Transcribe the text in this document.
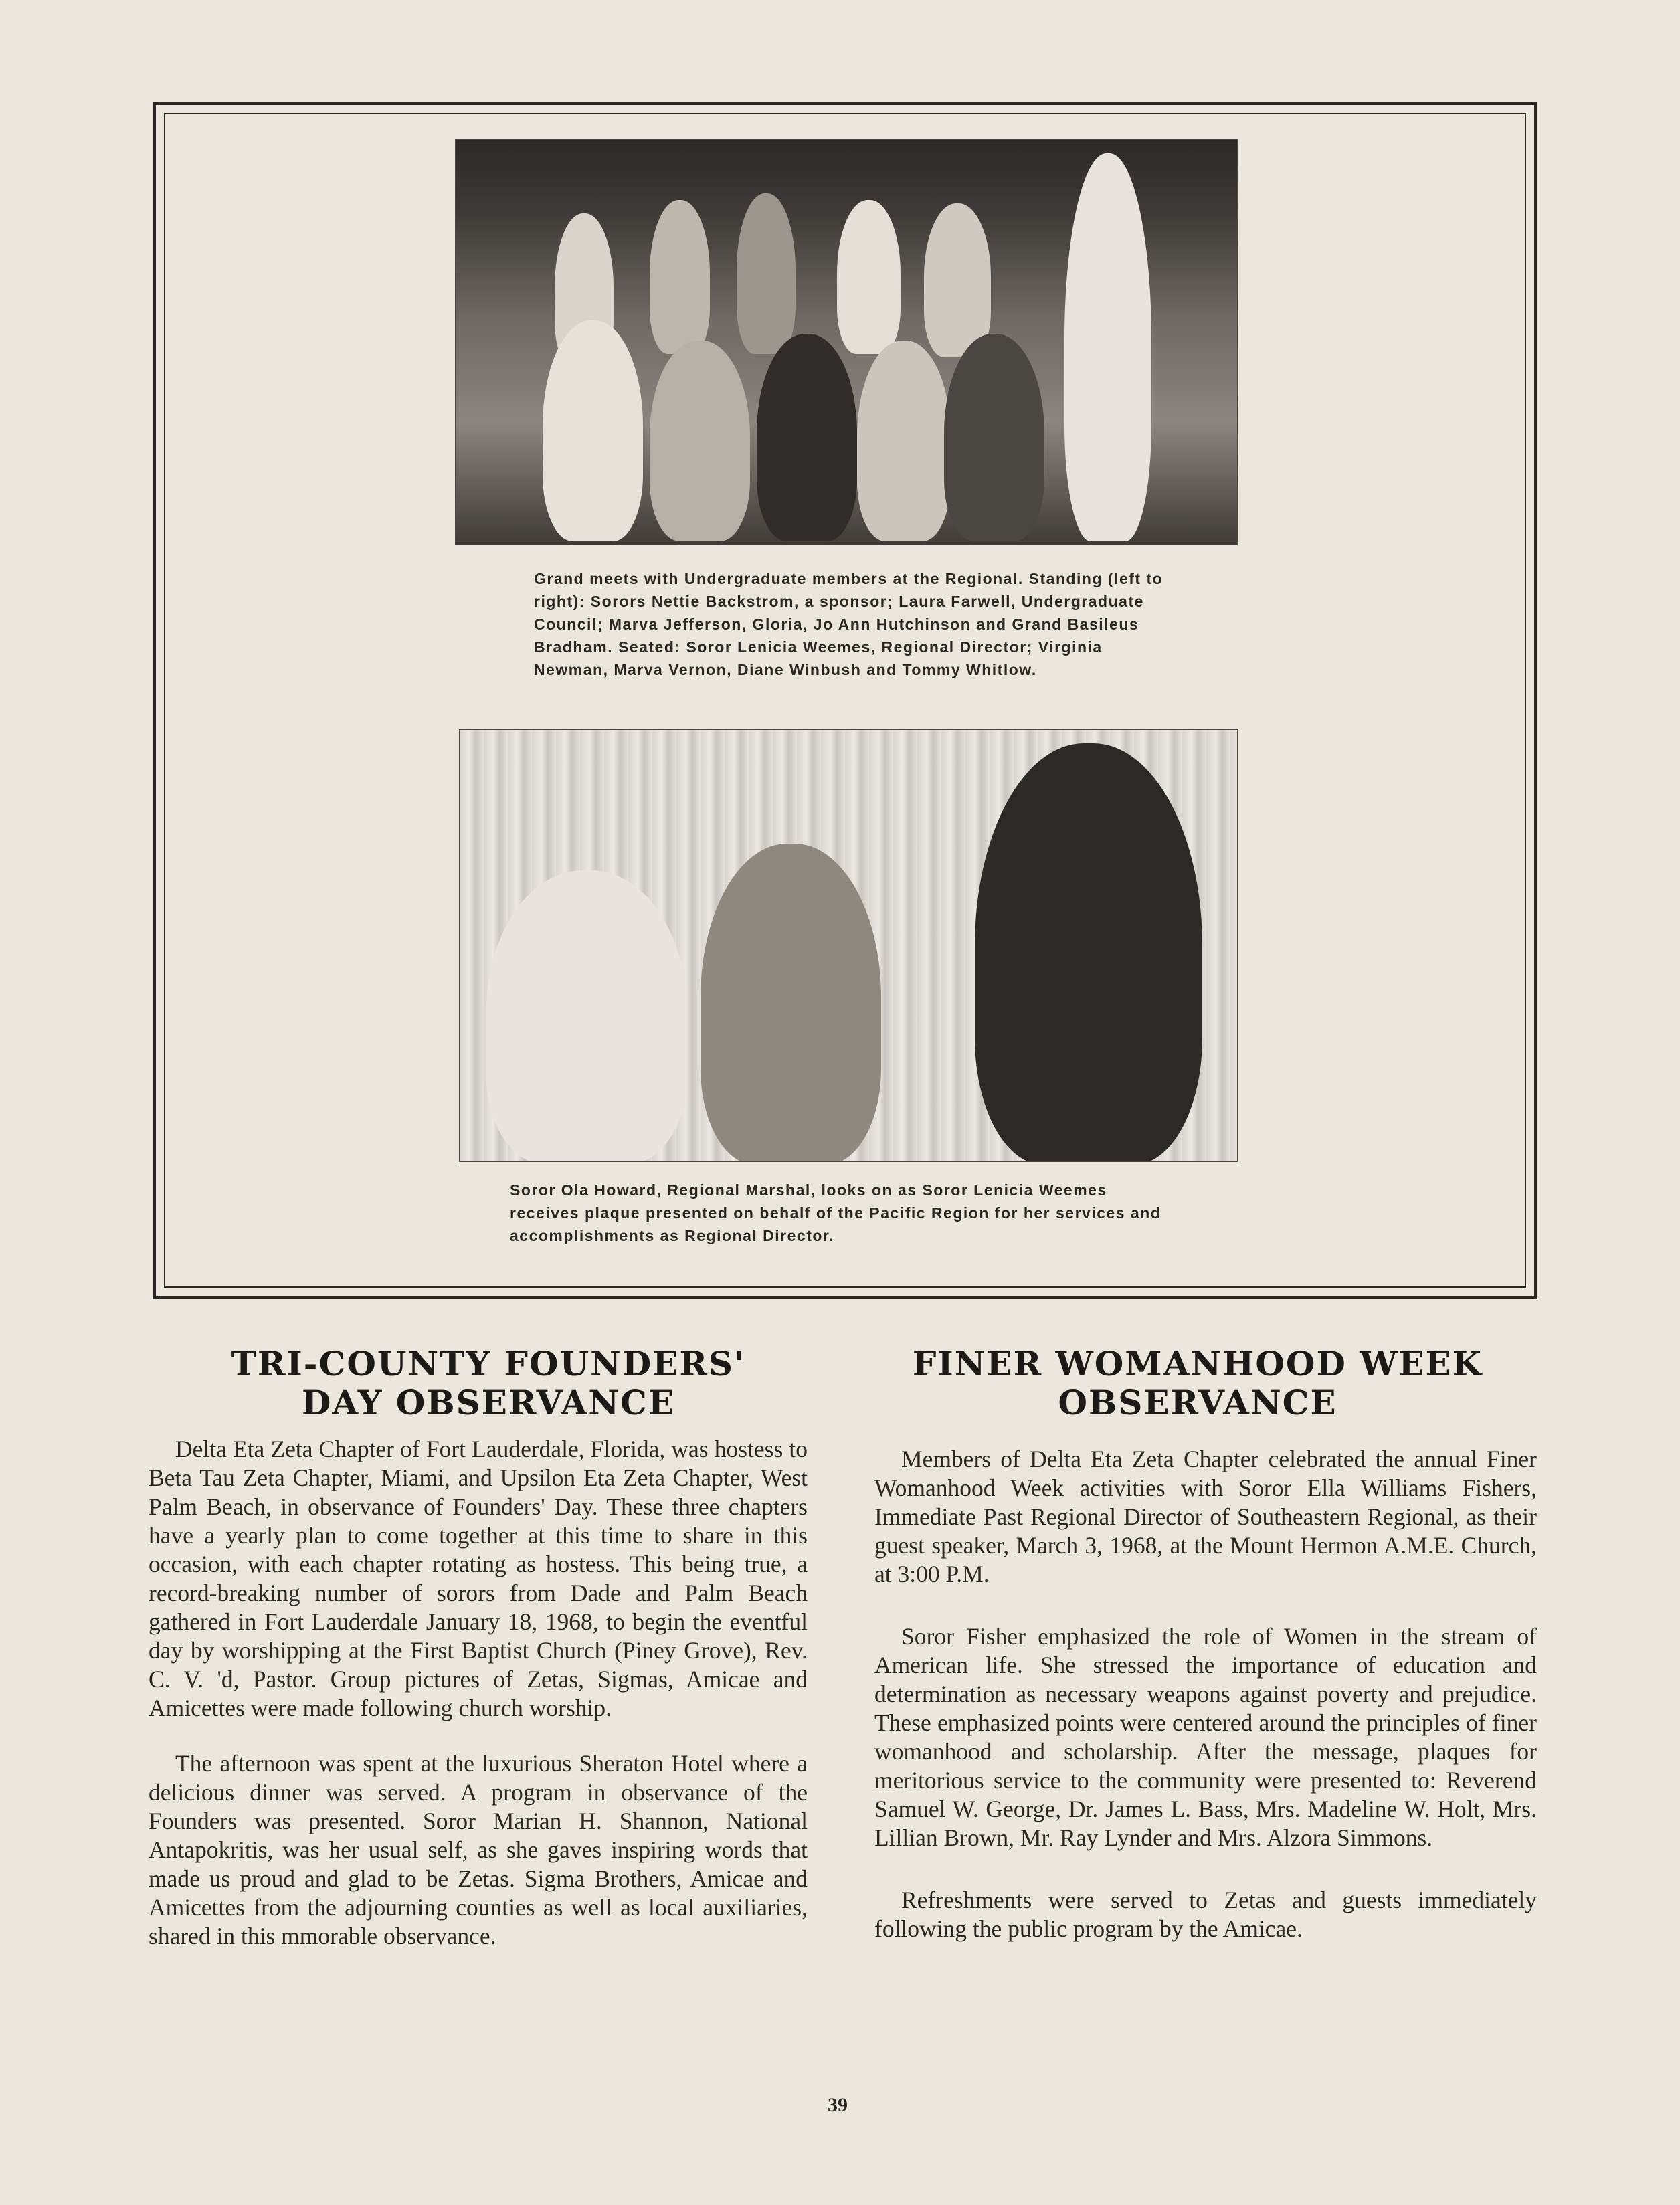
Grand meets with Undergraduate members at the Regional. Standing (left to right): Sorors Nettie Backstrom, a sponsor; Laura Farwell, Undergraduate Council; Marva Jefferson, Gloria, Jo Ann Hutchinson and Grand Basileus Bradham. Seated: Soror Lenicia Weemes, Regional Director; Virginia Newman, Marva Vernon, Diane Winbush and Tommy Whitlow.

Soror Ola Howard, Regional Marshal, looks on as Soror Lenicia Weemes receives plaque presented on behalf of the Pacific Region for her services and accomplishments as Regional Director.

TRI-COUNTY FOUNDERS'
DAY OBSERVANCE

Delta Eta Zeta Chapter of Fort Lauderdale, Florida, was hostess to Beta Tau Zeta Chapter, Miami, and Upsilon Eta Zeta Chapter, West Palm Beach, in observance of Founders' Day. These three chapters have a yearly plan to come together at this time to share in this occasion, with each chapter rotating as hostess. This being true, a record-breaking number of sorors from Dade and Palm Beach gathered in Fort Lauderdale January 18, 1968, to begin the eventful day by worshipping at the First Baptist Church (Piney Grove), Rev. C. V. 'd, Pastor. Group pictures of Zetas, Sigmas, Amicae and Amicettes were made following church worship.

The afternoon was spent at the luxurious Sheraton Hotel where a delicious dinner was served. A program in observance of the Founders was presented. Soror Marian H. Shannon, National Antapokritis, was her usual self, as she gaves inspiring words that made us proud and glad to be Zetas. Sigma Brothers, Amicae and Amicettes from the adjourning counties as well as local auxiliaries, shared in this mmorable observance.

FINER WOMANHOOD WEEK
OBSERVANCE

Members of Delta Eta Zeta Chapter celebrated the annual Finer Womanhood Week activities with Soror Ella Williams Fishers, Immediate Past Regional Director of Southeastern Regional, as their guest speaker, March 3, 1968, at the Mount Hermon A.M.E. Church, at 3:00 P.M.

Soror Fisher emphasized the role of Women in the stream of American life. She stressed the importance of education and determination as necessary weapons against poverty and prejudice. These emphasized points were centered around the principles of finer womanhood and scholarship. After the message, plaques for meritorious service to the community were presented to: Reverend Samuel W. George, Dr. James L. Bass, Mrs. Madeline W. Holt, Mrs. Lillian Brown, Mr. Ray Lynder and Mrs. Alzora Simmons.

Refreshments were served to Zetas and guests immediately following the public program by the Amicae.

39
